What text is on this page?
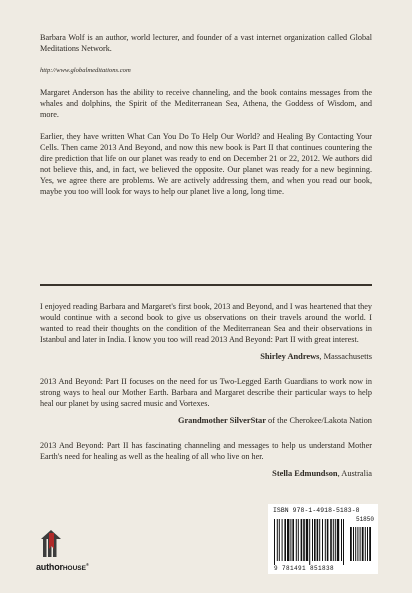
Barbara Wolf is an author, world lecturer, and founder of a vast internet organization called Global Meditations Network.

http://www.globalmeditations.com

Margaret Anderson has the ability to receive channeling, and the book contains messages from the whales and dolphins, the Spirit of the Mediterranean Sea, Athena, the Goddess of Wisdom, and more.

Earlier, they have written What Can You Do To Help Our World? and Healing By Contacting Your Cells. Then came 2013 And Beyond, and now this new book is Part II that continues countering the dire prediction that life on our planet was ready to end on December 21 or 22, 2012. We authors did not believe this, and, in fact, we believed the opposite. Our planet was ready for a new beginning. Yes, we agree there are problems. We are actively addressing them, and when you read our book, maybe you too will look for ways to help our planet live a long, long time.

I enjoyed reading Barbara and Margaret's first book, 2013 and Beyond, and I was heartened that they would continue with a second book to give us observations on their travels around the world. I wanted to read their thoughts on the condition of the Mediterranean Sea and their observations in Istanbul and later in India. I know you too will read 2013 And Beyond: Part II with great interest.

Shirley Andrews, Massachusetts

2013 And Beyond: Part II focuses on the need for us Two-Legged Earth Guardians to work now in strong ways to heal our Mother Earth. Barbara and Margaret describe their particular ways to help heal our planet by using sacred music and Vortexes.

Grandmother SilverStar of the Cherokee/Lakota Nation

2013 And Beyond: Part II has fascinating channeling and messages to help us understand Mother Earth's need for healing as well as the healing of all who live on her.

Stella Edmundson, Australia
authorHOUSE®
ISBN 978-1-4918-5183-8
51850
9 781491 851838
